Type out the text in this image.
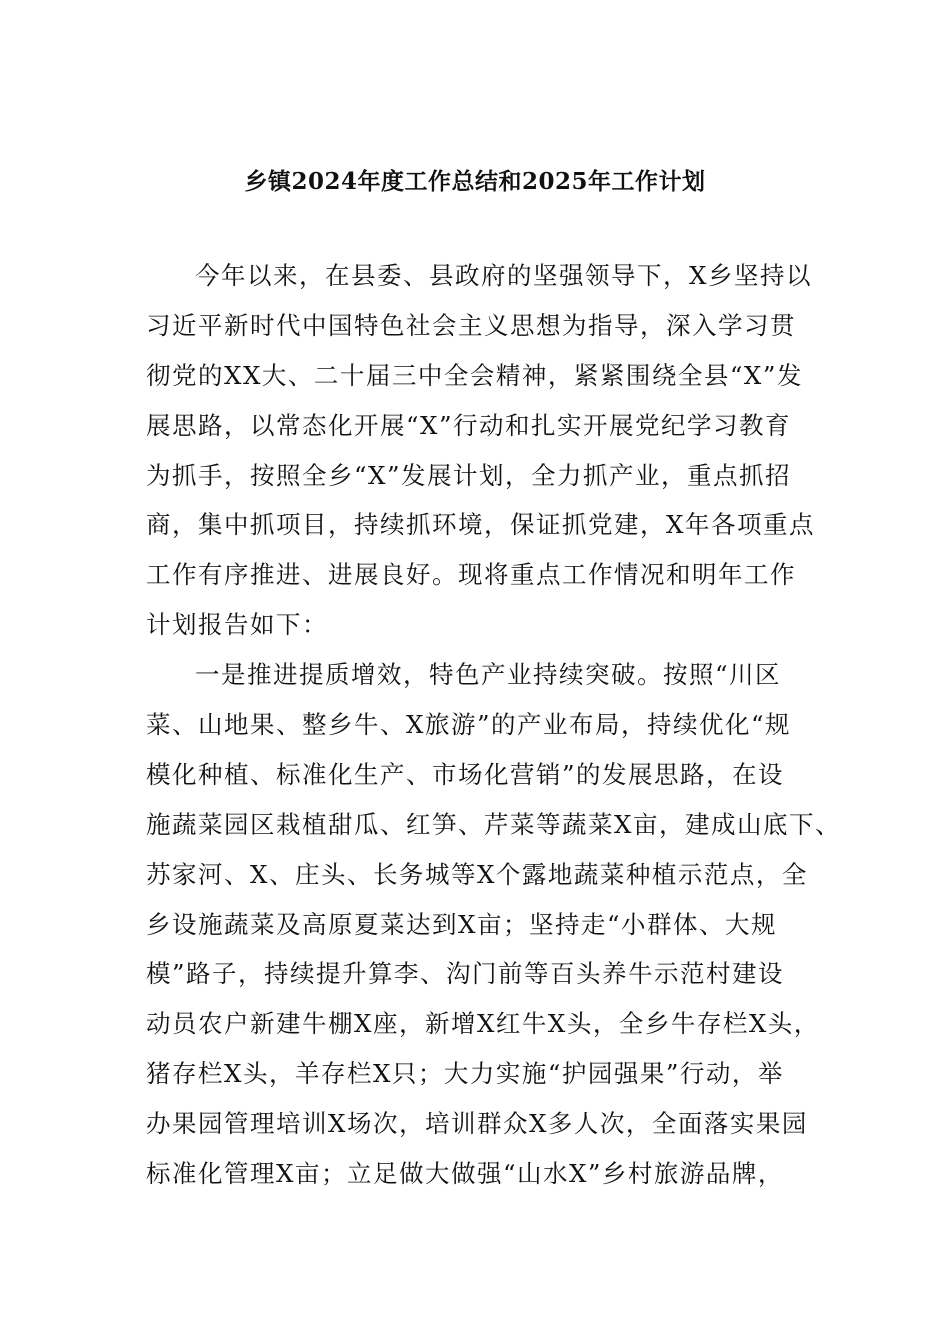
乡镇2024年度工作总结和2025年工作计划
今年以来，在县委、县政府的坚强领导下，X乡坚持以
习近平新时代中国特色社会主义思想为指导，深入学习贯
彻党的XX大、二十届三中全会精神，紧紧围绕全县“X”发
展思路，以常态化开展“X”行动和扎实开展党纪学习教育
为抓手，按照全乡“X”发展计划，全力抓产业，重点抓招
商，集中抓项目，持续抓环境，保证抓党建，X年各项重点
工作有序推进、进展良好。现将重点工作情况和明年工作
计划报告如下：
一是推进提质增效，特色产业持续突破。按照“川区
菜、山地果、整乡牛、X旅游”的产业布局，持续优化“规
模化种植、标准化生产、市场化营销”的发展思路，在设
施蔬菜园区栽植甜瓜、红笋、芹菜等蔬菜X亩，建成山底下、
苏家河、X、庄头、长务城等X个露地蔬菜种植示范点，全
乡设施蔬菜及高原夏菜达到X亩；坚持走“小群体、大规
模”路子，持续提升算李、沟门前等百头养牛示范村建设
动员农户新建牛棚X座，新增X红牛X头，全乡牛存栏X头，
猪存栏X头，羊存栏X只；大力实施“护园强果”行动，举
办果园管理培训X场次，培训群众X多人次，全面落实果园
标准化管理X亩；立足做大做强“山水X”乡村旅游品牌，
